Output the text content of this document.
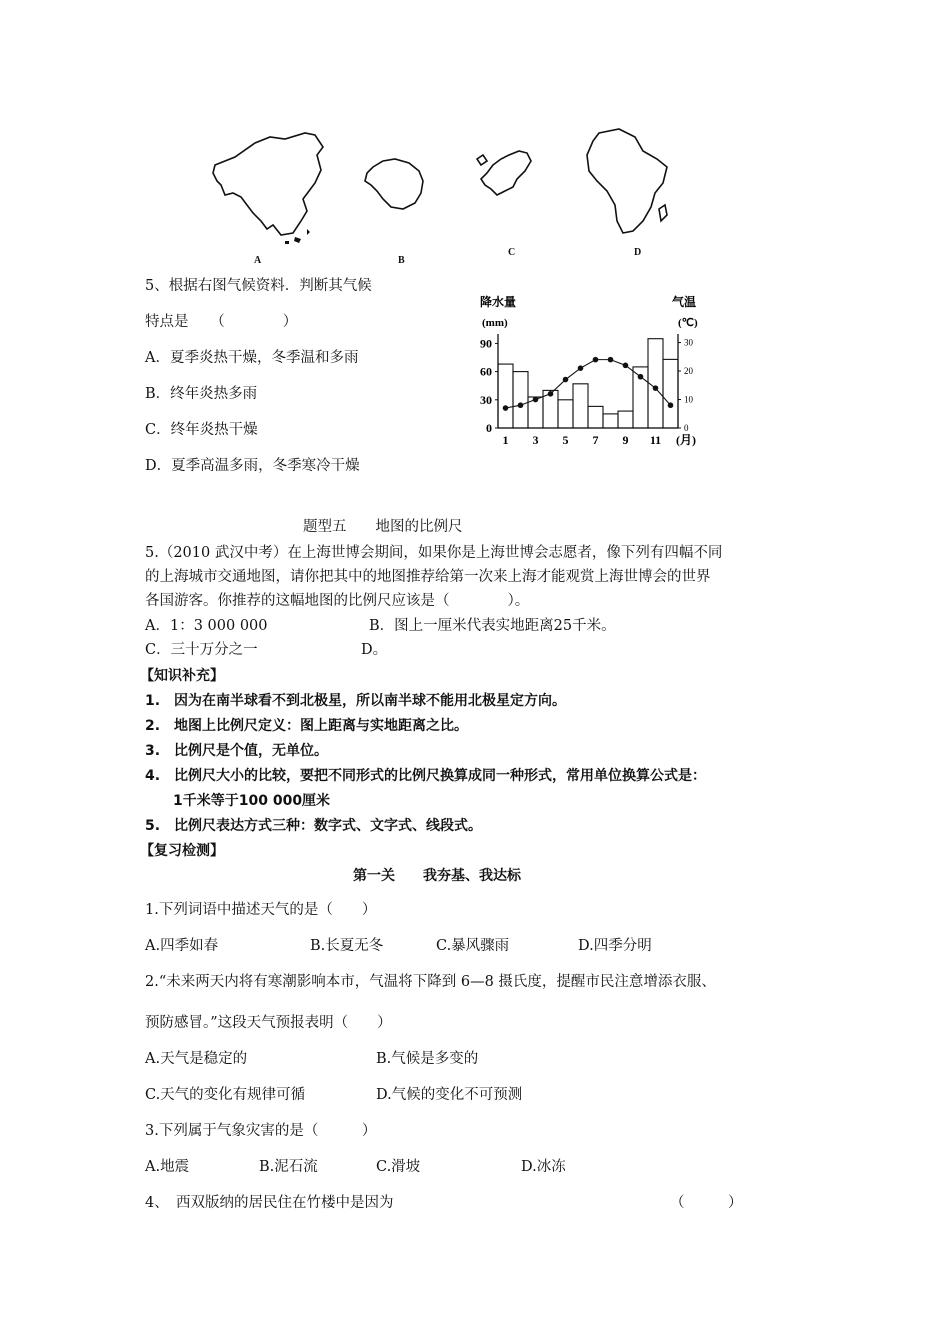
A	B
C	D
5、根据右图气候资料．判断其气候
特点是　　（　　　　）
A．夏季炎热干燥，冬季温和多雨
B．终年炎热多雨
C．终年炎热干燥
D．夏季高温多雨，冬季寒冷干燥
降水量
(mm)
气温
(℃)
0
30
60
90
0
10
20
30
1 3 5 7 9 11 (月)
题型五　　地图的比例尺
5.（2010 武汉中考）在上海世博会期间，如果你是上海世博会志愿者，像下列有四幅不同
的上海城市交通地图，请你把其中的地图推荐给第一次来上海才能观赏上海世博会的世界
各国游客。你推荐的这幅地图的比例尺应该是（　　　　）。
A．1：3 000 000	B．图上一厘米代表实地距离25千米。
C．三十万分之一	D。
【知识补充】
1.　因为在南半球看不到北极星，所以南半球不能用北极星定方向。
2.　地图上比例尺定义：图上距离与实地距离之比。
3.　比例尺是个值，无单位。
4.　比例尺大小的比较，要把不同形式的比例尺换算成同一种形式，常用单位换算公式是：
1千米等于100 000厘米
5.　比例尺表达方式三种：数字式、文字式、线段式。
【复习检测】
第一关　　我夯基、我达标
1.下列词语中描述天气的是（　　）
A.四季如春	B.长夏无冬	C.暴风骤雨	D.四季分明
2.“未来两天内将有寒潮影响本市，气温将下降到 6—8 摄氏度，提醒市民注意增添衣服、
预防感冒。”这段天气预报表明（　　）
A.天气是稳定的	B.气候是多变的
C.天气的变化有规律可循	D.气候的变化不可预测
3.下列属于气象灾害的是（　　　）
A.地震	B.泥石流	C.滑坡	D.冰冻
4、　西双版纳的居民住在竹楼中是因为	（　　　）
